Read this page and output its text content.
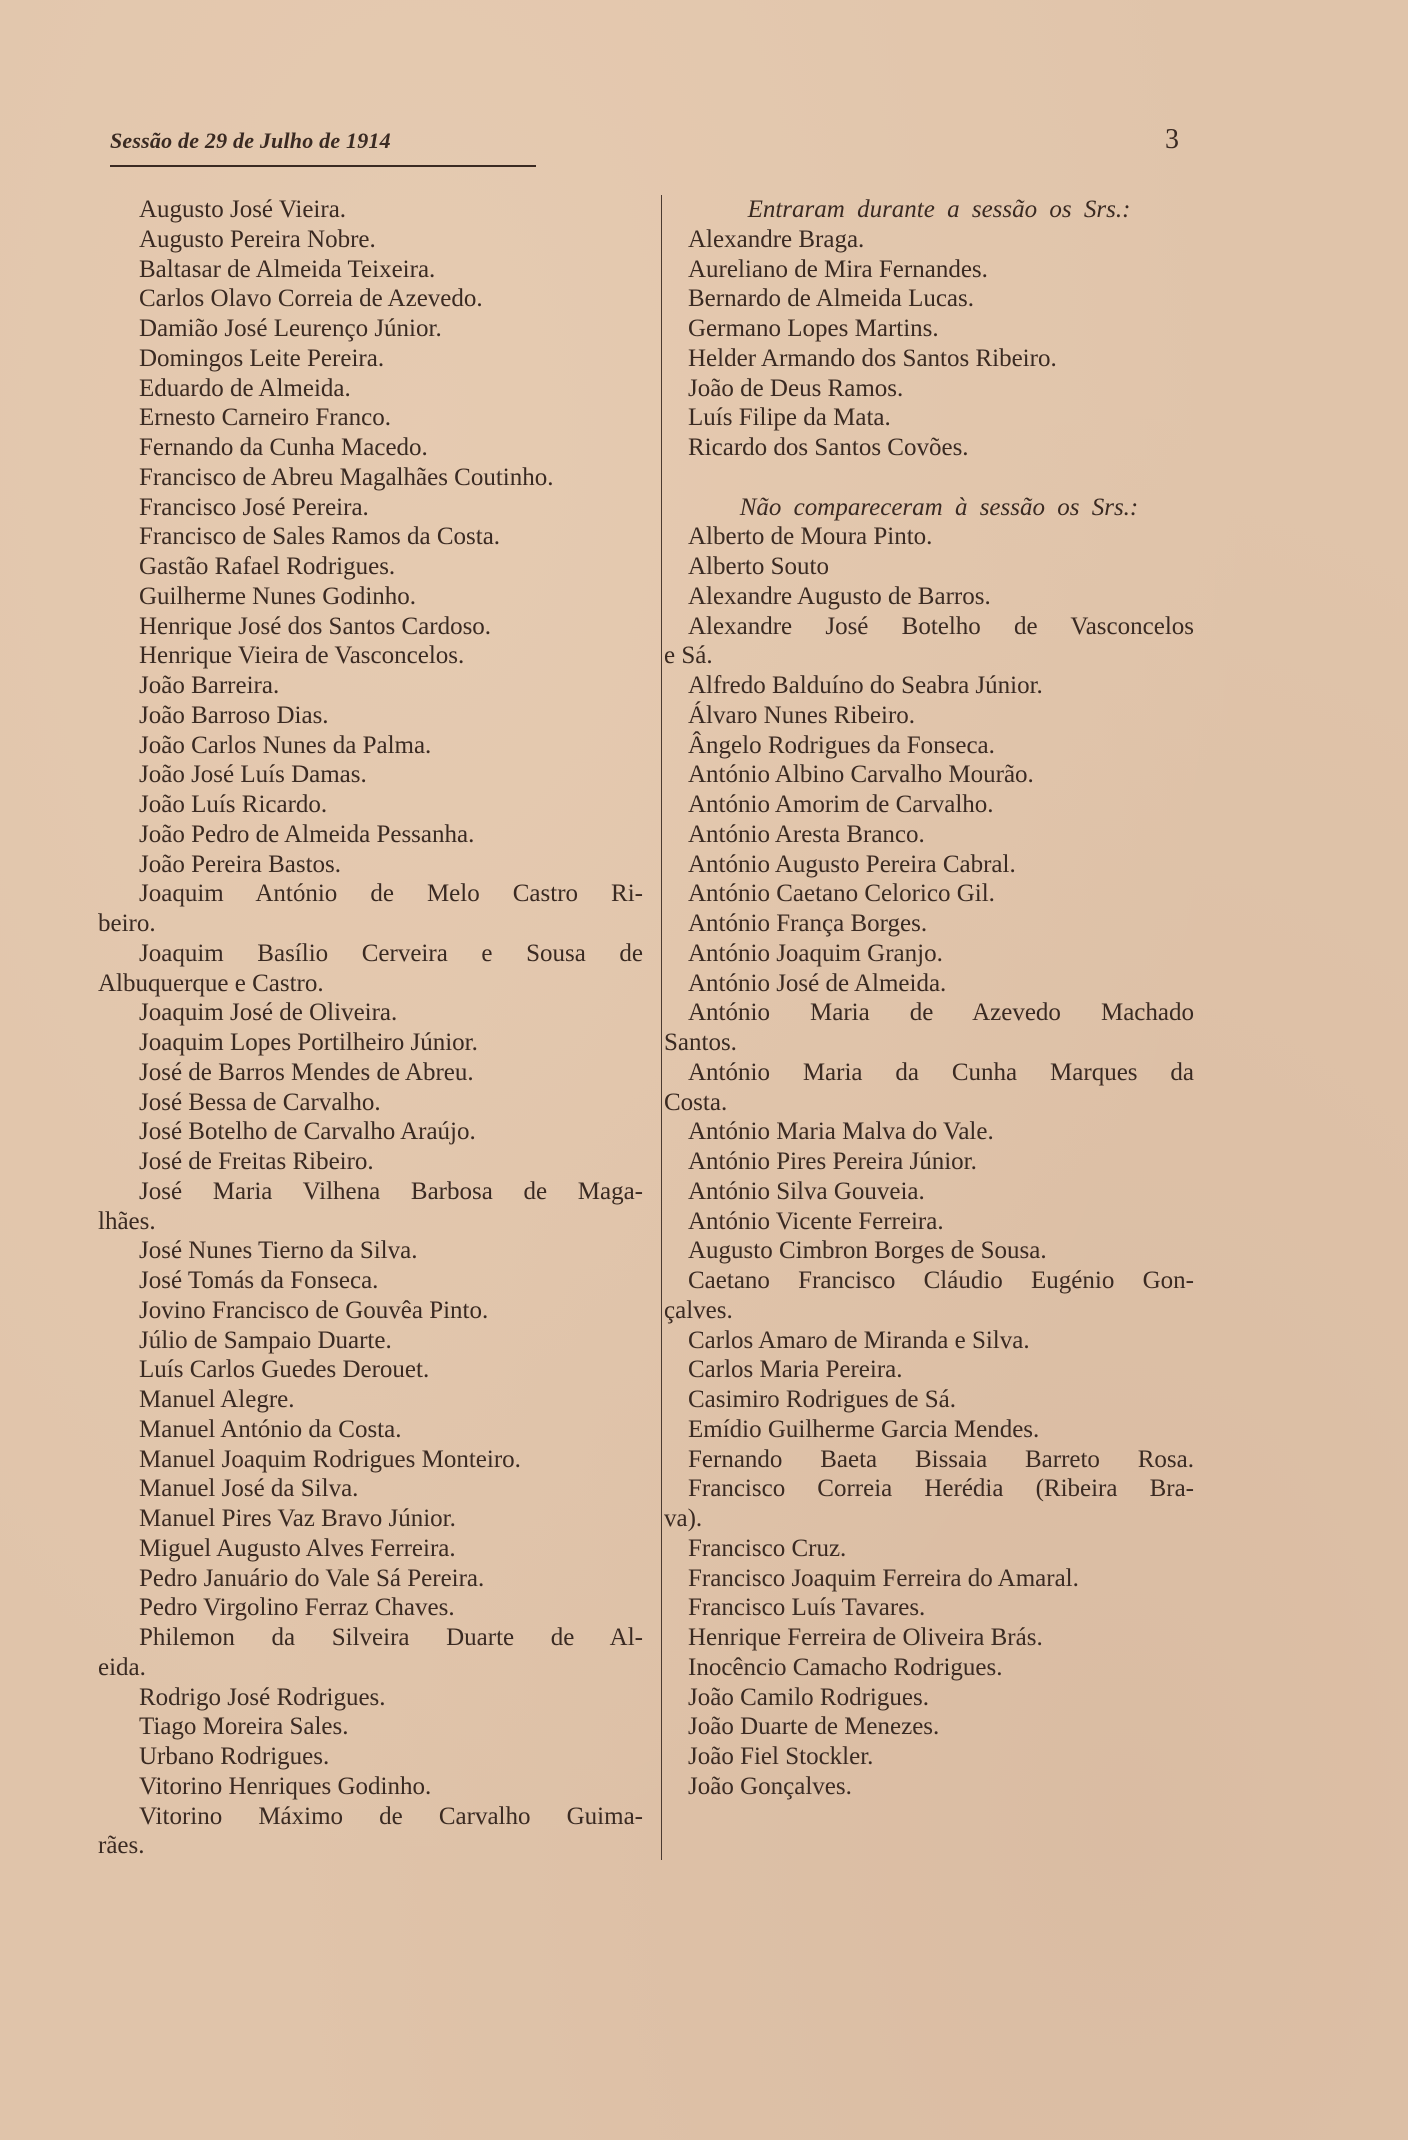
Sessão de 29 de Julho de 1914	3
Augusto José Vieira.
Augusto Pereira Nobre.
Baltasar de Almeida Teixeira.
Carlos Olavo Correia de Azevedo.
Damião José Leurenço Júnior.
Domingos Leite Pereira.
Eduardo de Almeida.
Ernesto Carneiro Franco.
Fernando da Cunha Macedo.
Francisco de Abreu Magalhães Coutinho.
Francisco José Pereira.
Francisco de Sales Ramos da Costa.
Gastão Rafael Rodrigues.
Guilherme Nunes Godinho.
Henrique José dos Santos Cardoso.
Henrique Vieira de Vasconcelos.
João Barreira.
João Barroso Dias.
João Carlos Nunes da Palma.
João José Luís Damas.
João Luís Ricardo.
João Pedro de Almeida Pessanha.
João Pereira Bastos.
Joaquim António de Melo Castro Ri-
beiro.
Joaquim Basílio Cerveira e Sousa de
Albuquerque e Castro.
Joaquim José de Oliveira.
Joaquim Lopes Portilheiro Júnior.
José de Barros Mendes de Abreu.
José Bessa de Carvalho.
José Botelho de Carvalho Araújo.
José de Freitas Ribeiro.
José Maria Vilhena Barbosa de Maga-
lhães.
José Nunes Tierno da Silva.
José Tomás da Fonseca.
Jovino Francisco de Gouvêa Pinto.
Júlio de Sampaio Duarte.
Luís Carlos Guedes Derouet.
Manuel Alegre.
Manuel António da Costa.
Manuel Joaquim Rodrigues Monteiro.
Manuel José da Silva.
Manuel Pires Vaz Bravo Júnior.
Miguel Augusto Alves Ferreira.
Pedro Januário do Vale Sá Pereira.
Pedro Virgolino Ferraz Chaves.
Philemon da Silveira Duarte de Al-
eida.
Rodrigo José Rodrigues.
Tiago Moreira Sales.
Urbano Rodrigues.
Vitorino Henriques Godinho.
Vitorino Máximo de Carvalho Guima-
rães.
Entraram durante a sessão os Srs.:
Alexandre Braga.
Aureliano de Mira Fernandes.
Bernardo de Almeida Lucas.
Germano Lopes Martins.
Helder Armando dos Santos Ribeiro.
João de Deus Ramos.
Luís Filipe da Mata.
Ricardo dos Santos Covões.
Não compareceram à sessão os Srs.:
Alberto de Moura Pinto.
Alberto Souto
Alexandre Augusto de Barros.
Alexandre José Botelho de Vasconcelos
e Sá.
Alfredo Balduíno do Seabra Júnior.
Álvaro Nunes Ribeiro.
Ângelo Rodrigues da Fonseca.
António Albino Carvalho Mourão.
António Amorim de Carvalho.
António Aresta Branco.
António Augusto Pereira Cabral.
António Caetano Celorico Gil.
António França Borges.
António Joaquim Granjo.
António José de Almeida.
António Maria de Azevedo Machado
Santos.
António Maria da Cunha Marques da
Costa.
António Maria Malva do Vale.
António Pires Pereira Júnior.
António Silva Gouveia.
António Vicente Ferreira.
Augusto Cimbron Borges de Sousa.
Caetano Francisco Cláudio Eugénio Gon-
çalves.
Carlos Amaro de Miranda e Silva.
Carlos Maria Pereira.
Casimiro Rodrigues de Sá.
Emídio Guilherme Garcia Mendes.
Fernando Baeta Bissaia Barreto Rosa.
Francisco Correia Herédia (Ribeira Bra-
va).
Francisco Cruz.
Francisco Joaquim Ferreira do Amaral.
Francisco Luís Tavares.
Henrique Ferreira de Oliveira Brás.
Inocêncio Camacho Rodrigues.
João Camilo Rodrigues.
João Duarte de Menezes.
João Fiel Stockler.
João Gonçalves.
